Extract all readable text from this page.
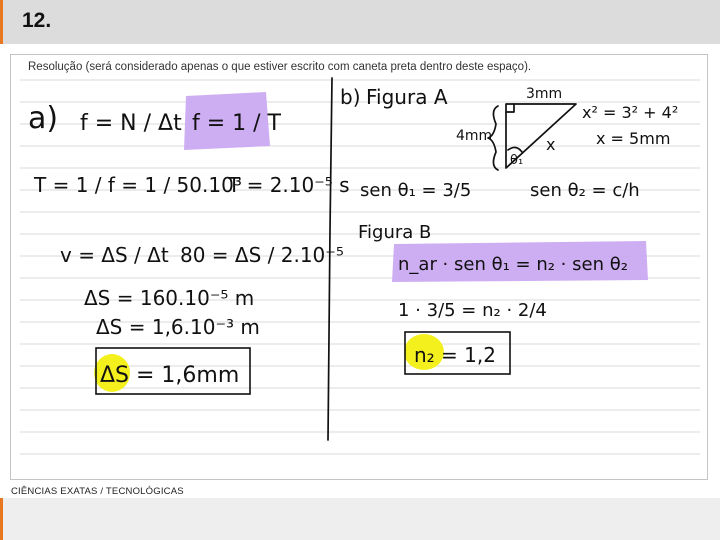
12.
Resolução (será considerado apenas o que estiver escrito com caneta preta dentro deste espaço).
a) f = N / Δt f = 1 / T
T = 1 / f = 1 / 50.10³
T = 2.10⁻⁵ s
v = ΔS / Δt 80 = ΔS / 2.10⁻⁵
ΔS = 160.10⁻⁵ m
ΔS = 1,6.10⁻³ m
ΔS = 1,6mm
b) Figura A	3mm
4mm	x
θ₁
x² = 3² + 4²
x = 5mm
sen θ₁ = 3/5	sen θ₂ = c/h
Figura B
n_ar · sen θ₁ = n₂ · sen θ₂
1 · 3/5 = n₂ · 2/4
n₂ = 1,2
CIÊNCIAS EXATAS / TECNOLÓGICAS
